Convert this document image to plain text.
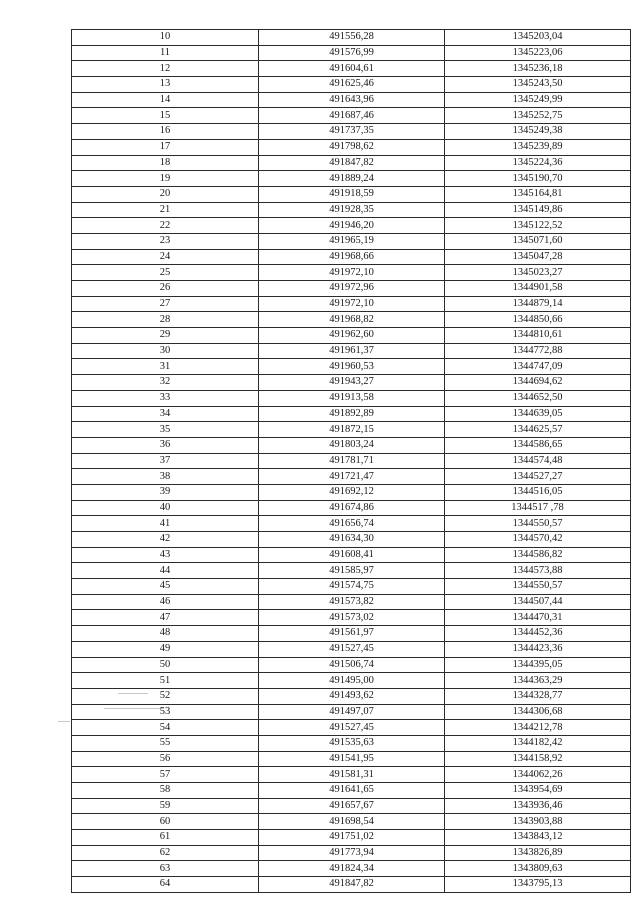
10	491556,28	1345203,04
11	491576,99	1345223,06
12	491604,61	1345236,18
13	491625,46	1345243,50
14	491643,96	1345249,99
15	491687,46	1345252,75
16	491737,35	1345249,38
17	491798,62	1345239,89
18	491847,82	1345224,36
19	491889,24	1345190,70
20	491918,59	1345164,81
21	491928,35	1345149,86
22	491946,20	1345122,52
23	491965,19	1345071,60
24	491968,66	1345047,28
25	491972,10	1345023,27
26	491972,96	1344901,58
27	491972,10	1344879,14
28	491968,82	1344850,66
29	491962,60	1344810,61
30	491961,37	1344772,88
31	491960,53	1344747,09
32	491943,27	1344694,62
33	491913,58	1344652,50
34	491892,89	1344639,05
35	491872,15	1344625,57
36	491803,24	1344586,65
37	491781,71	1344574,48
38	491721,47	1344527,27
39	491692,12	1344516,05
40	491674,86	1344517 ,78
41	491656,74	1344550,57
42	491634,30	1344570,42
43	491608,41	1344586,82
44	491585,97	1344573,88
45	491574,75	1344550,57
46	491573,82	1344507,44
47	491573,02	1344470,31
48	491561,97	1344452,36
49	491527,45	1344423,36
50	491506,74	1344395,05
51	491495,00	1344363,29
52	491493,62	1344328,77
53	491497,07	1344306,68
54	491527,45	1344212,78
55	491535,63	1344182,42
56	491541,95	1344158,92
57	491581,31	1344062,26
58	491641,65	1343954,69
59	491657,67	1343936,46
60	491698,54	1343903,88
61	491751,02	1343843,12
62	491773,94	1343826,89
63	491824,34	1343809,63
64	491847,82	1343795,13
